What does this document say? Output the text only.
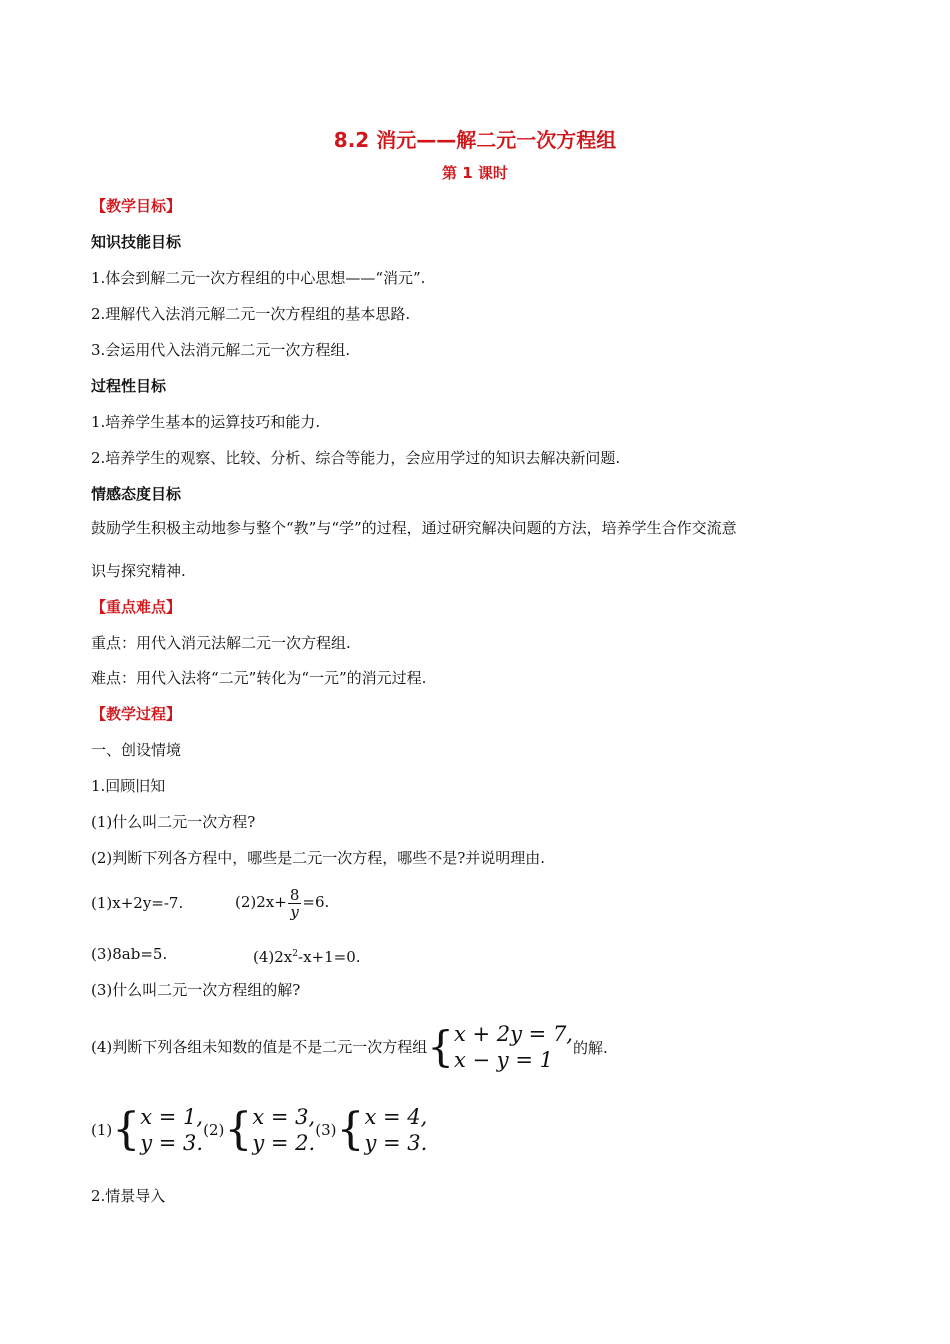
8.2 消元——解二元一次方程组
第 1 课时
【教学目标】
知识技能目标
1.体会到解二元一次方程组的中心思想——“消元”.
2.理解代入法消元解二元一次方程组的基本思路.
3.会运用代入法消元解二元一次方程组.
过程性目标
1.培养学生基本的运算技巧和能力.
2.培养学生的观察、比较、分析、综合等能力，会应用学过的知识去解决新问题.
情感态度目标
鼓励学生积极主动地参与整个“教”与“学”的过程，通过研究解决问题的方法，培养学生合作交流意
识与探究精神.
【重点难点】
重点：用代入消元法解二元一次方程组.
难点：用代入法将“二元”转化为“一元”的消元过程.
【教学过程】
一、创设情境
1.回顾旧知
(1)什么叫二元一次方程?
(2)判断下列各方程中，哪些是二元一次方程，哪些不是?并说明理由.
(1)x+2y=-7.	$(2)2x+ \frac{8}{y} =6$.
(3)8ab=5.	$(4)2x^2-x+1=0$.
(3)什么叫二元一次方程组的解?
(4)判断下列各组未知数的值是不是二元一次方程组 { x + 2y = 7,
x − y = 1	的解.
(1) { x = 1,
y = 3.
(2) { x = 3,
y = 2.
(3) { x = 4,
y = 3.
2.情景导入
